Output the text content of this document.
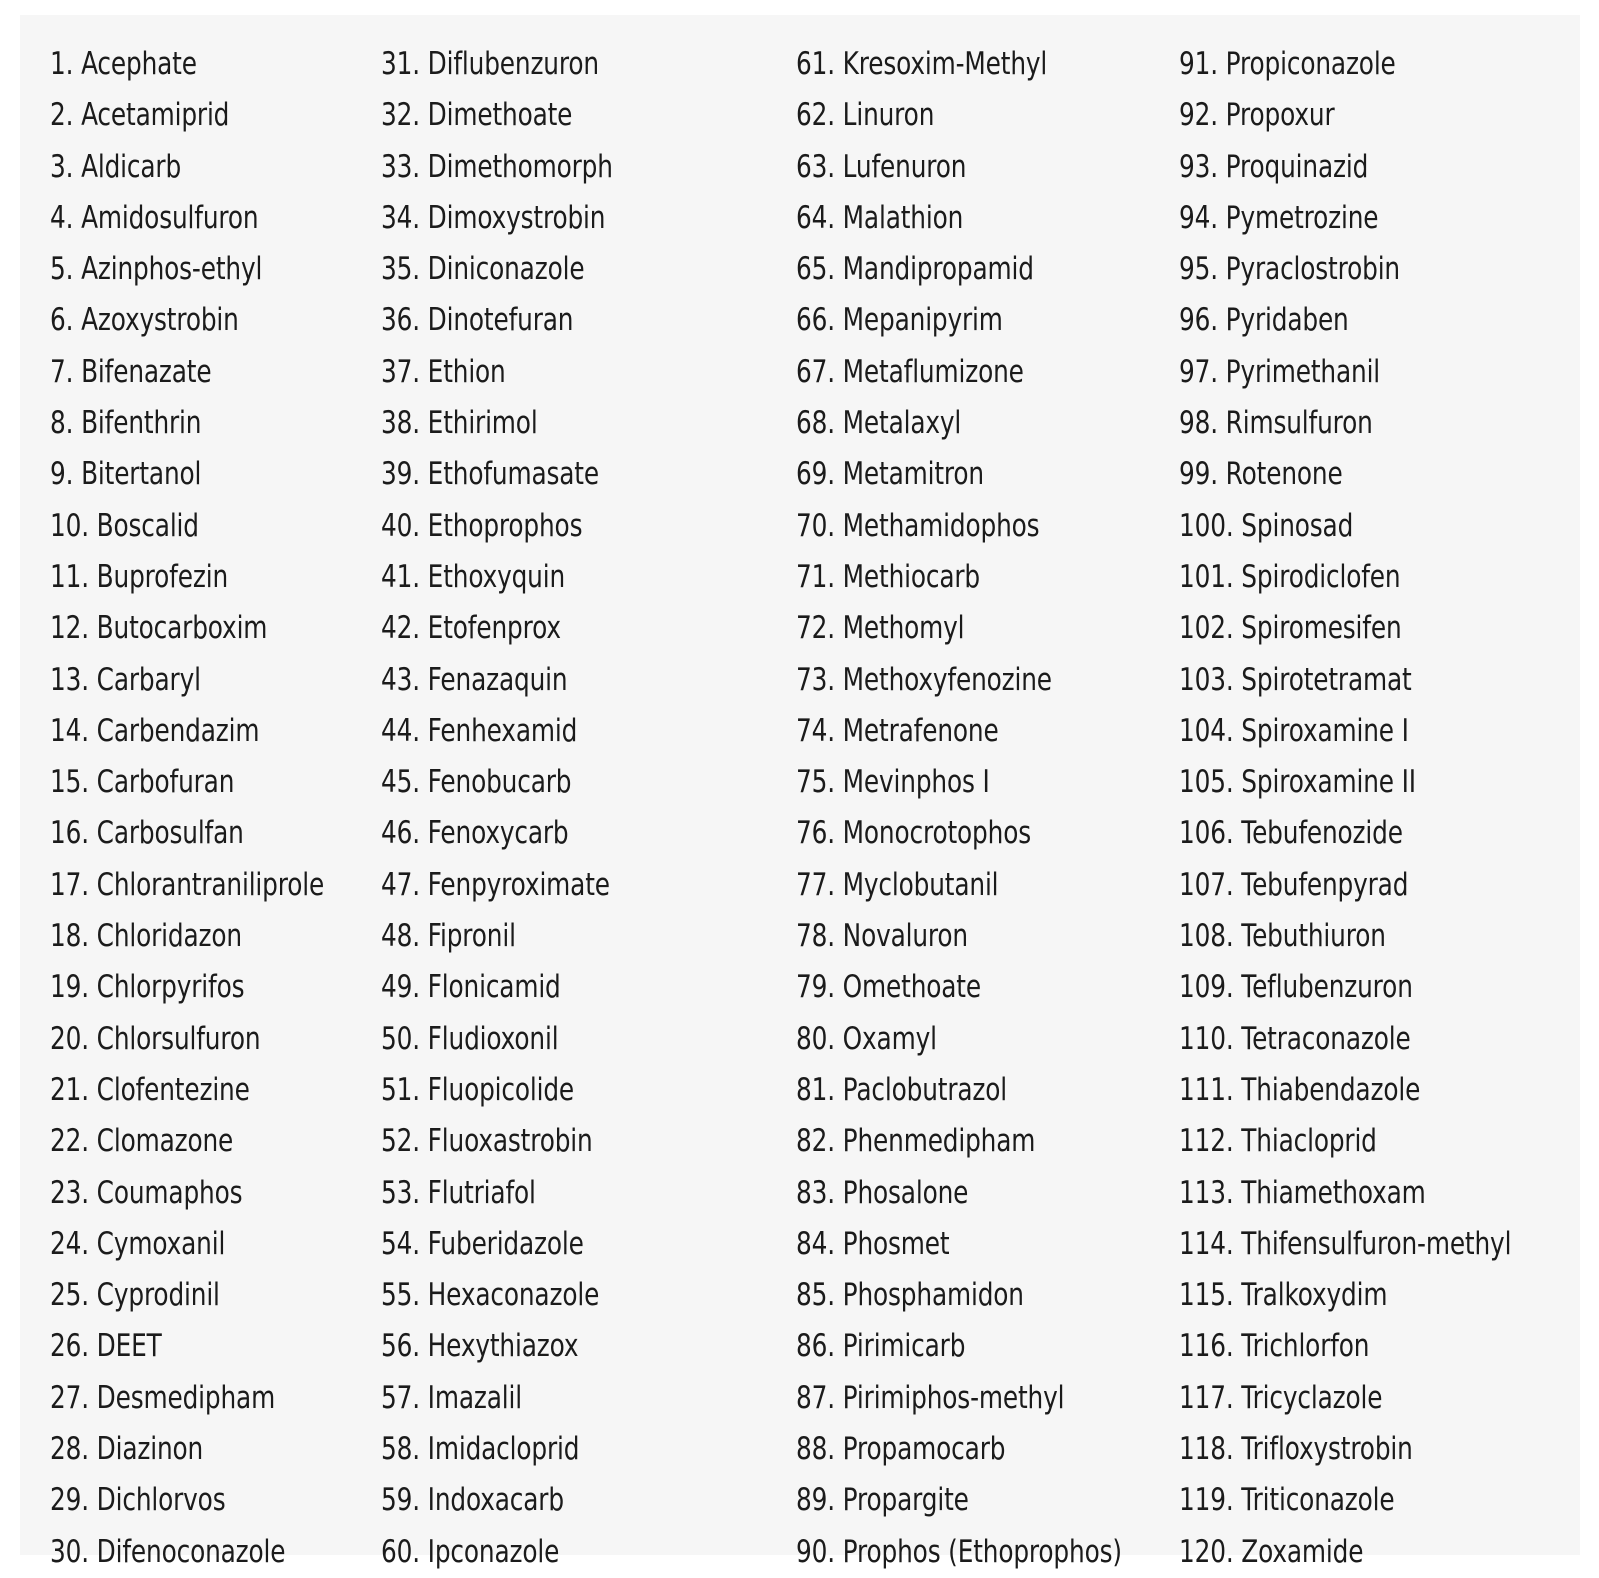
1. Acephate
2. Acetamiprid
3. Aldicarb
4. Amidosulfuron
5. Azinphos-ethyl
6. Azoxystrobin
7. Bifenazate
8. Bifenthrin
9. Bitertanol
10. Boscalid
11. Buprofezin
12. Butocarboxim
13. Carbaryl
14. Carbendazim
15. Carbofuran
16. Carbosulfan
17. Chlorantraniliprole
18. Chloridazon
19. Chlorpyrifos
20. Chlorsulfuron
21. Clofentezine
22. Clomazone
23. Coumaphos
24. Cymoxanil
25. Cyprodinil
26. DEET
27. Desmedipham
28. Diazinon
29. Dichlorvos
30. Difenoconazole
31. Diflubenzuron
32. Dimethoate
33. Dimethomorph
34. Dimoxystrobin
35. Diniconazole
36. Dinotefuran
37. Ethion
38. Ethirimol
39. Ethofumasate
40. Ethoprophos
41. Ethoxyquin
42. Etofenprox
43. Fenazaquin
44. Fenhexamid
45. Fenobucarb
46. Fenoxycarb
47. Fenpyroximate
48. Fipronil
49. Flonicamid
50. Fludioxonil
51. Fluopicolide
52. Fluoxastrobin
53. Flutriafol
54. Fuberidazole
55. Hexaconazole
56. Hexythiazox
57. Imazalil
58. Imidacloprid
59. Indoxacarb
60. Ipconazole
61. Kresoxim-Methyl
62. Linuron
63. Lufenuron
64. Malathion
65. Mandipropamid
66. Mepanipyrim
67. Metaflumizone
68. Metalaxyl
69. Metamitron
70. Methamidophos
71. Methiocarb
72. Methomyl
73. Methoxyfenozine
74. Metrafenone
75. Mevinphos I
76. Monocrotophos
77. Myclobutanil
78. Novaluron
79. Omethoate
80. Oxamyl
81. Paclobutrazol
82. Phenmedipham
83. Phosalone
84. Phosmet
85. Phosphamidon
86. Pirimicarb
87. Pirimiphos-methyl
88. Propamocarb
89. Propargite
90. Prophos (Ethoprophos)
91. Propiconazole
92. Propoxur
93. Proquinazid
94. Pymetrozine
95. Pyraclostrobin
96. Pyridaben
97. Pyrimethanil
98. Rimsulfuron
99. Rotenone
100. Spinosad
101. Spirodiclofen
102. Spiromesifen
103. Spirotetramat
104. Spiroxamine I
105. Spiroxamine II
106. Tebufenozide
107. Tebufenpyrad
108. Tebuthiuron
109. Teflubenzuron
110. Tetraconazole
111. Thiabendazole
112. Thiacloprid
113. Thiamethoxam
114. Thifensulfuron-methyl
115. Tralkoxydim
116. Trichlorfon
117. Tricyclazole
118. Trifloxystrobin
119. Triticonazole
120. Zoxamide
